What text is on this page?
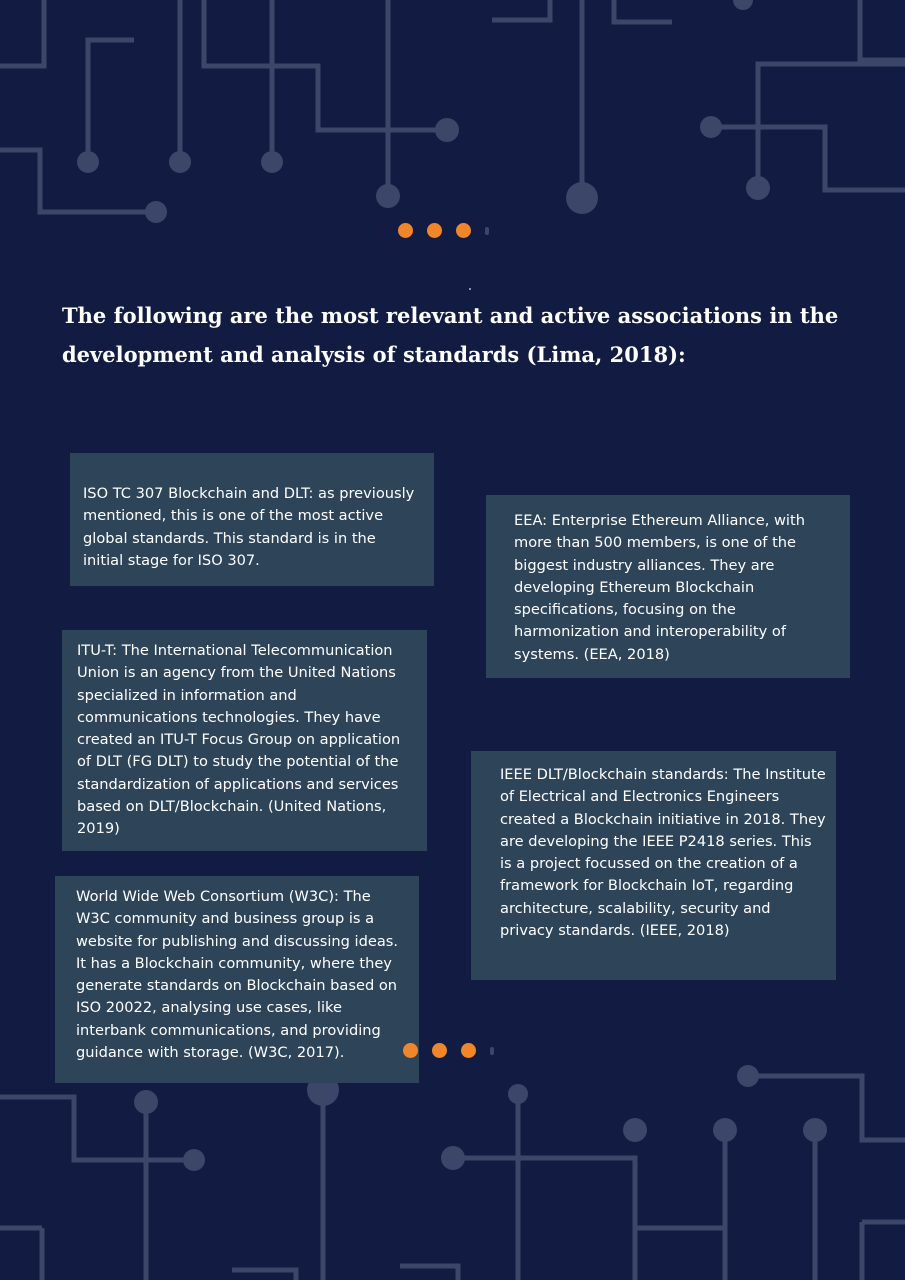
The following are the most relevant and active associations in the development and analysis of standards (Lima, 2018):

ISO TC 307 Blockchain and DLT: as previously mentioned, this is one of the most active global standards. This standard is in the initial stage for ISO 307.

EEA: Enterprise Ethereum Alliance, with more than 500 members, is one of the biggest industry alliances. They are developing Ethereum Blockchain specifications, focusing on the harmonization and interoperability of systems. (EEA, 2018)

ITU-T: The International Telecommunication Union is an agency from the United Nations specialized in information and communications technologies. They have created an ITU-T Focus Group on application of DLT (FG DLT) to study the potential of the standardization of applications and services based on DLT/Blockchain. (United Nations, 2019)

IEEE DLT/Blockchain standards: The Institute of Electrical and Electronics Engineers created a Blockchain initiative in 2018. They are developing the IEEE P2418 series. This is a project focussed on the creation of a framework for Blockchain IoT, regarding architecture, scalability, security and privacy standards. (IEEE, 2018)

World Wide Web Consortium (W3C): The W3C community and business group is a website for publishing and discussing ideas. It has a Blockchain community, where they generate standards on Blockchain based on ISO 20022, analysing use cases, like interbank communications, and providing guidance with storage. (W3C, 2017).
